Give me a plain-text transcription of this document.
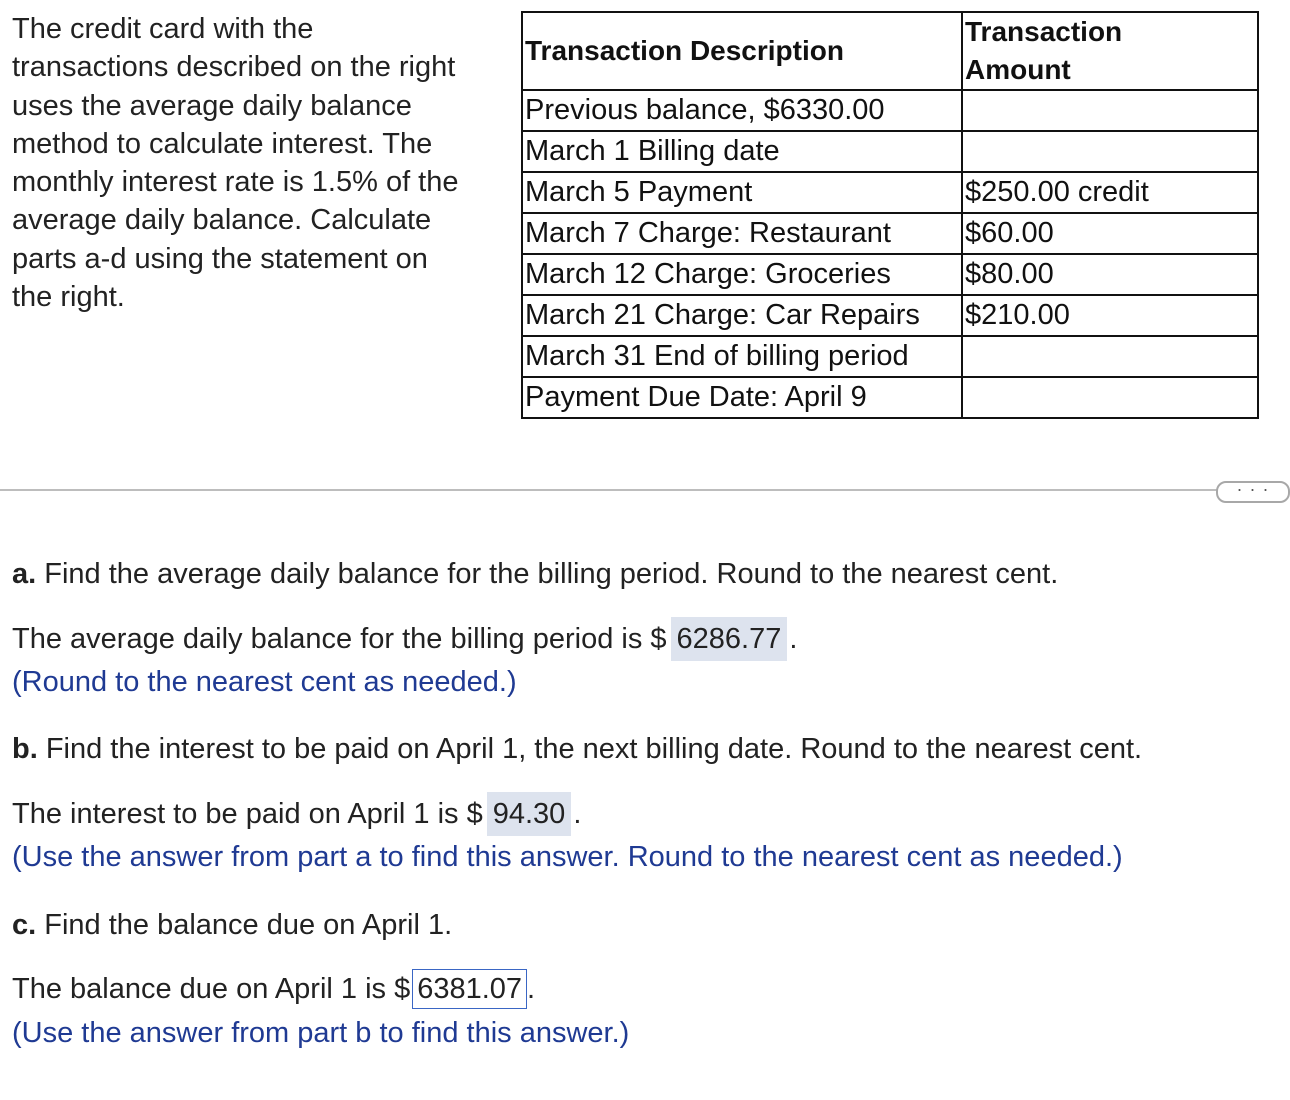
The credit card with the
transactions described on the right
uses the average daily balance
method to calculate interest. The
monthly interest rate is 1.5% of the
average daily balance. Calculate
parts a-d using the statement on
the right.
Transaction Description	Transaction
Amount
Previous balance, $6330.00	
March 1 Billing date	
March 5 Payment	$250.00 credit
March 7 Charge: Restaurant	$60.00
March 12 Charge: Groceries	$80.00
March 21 Charge: Car Repairs	$210.00
March 31 End of billing period	
Payment Due Date: April 9	
· · ·
a. Find the average daily balance for the billing period. Round to the nearest cent.
The average daily balance for the billing period is $ 6286.77 .
(Round to the nearest cent as needed.)
b. Find the interest to be paid on April 1, the next billing date. Round to the nearest cent.
The interest to be paid on April 1 is $ 94.30 .
(Use the answer from part a to find this answer. Round to the nearest cent as needed.)
c. Find the balance due on April 1.
The balance due on April 1 is $ 6381.07 .
(Use the answer from part b to find this answer.)
